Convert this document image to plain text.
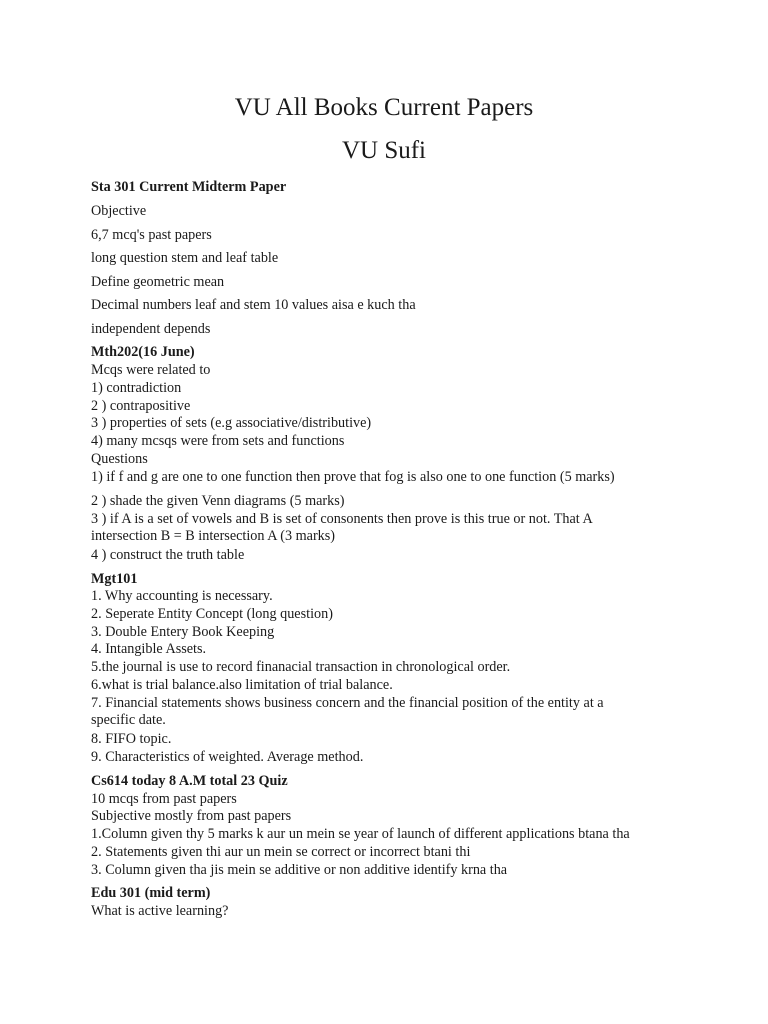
VU All Books Current Papers
VU Sufi
Sta 301 Current Midterm Paper
Objective
6,7 mcq's past papers
long question stem and leaf table
Define geometric mean
Decimal numbers leaf and stem 10 values aisa e kuch tha
independent depends
Mth202(16 June)
Mcqs were related to
1) contradiction
2 ) contrapositive
3 ) properties of sets (e.g associative/distributive)
4) many mcsqs were from sets and functions
Questions
1) if f and g are one to one function then prove that fog is also one to one function (5 marks)
2 ) shade the given Venn diagrams (5 marks)
3 ) if A is a set of vowels and B is set of consonents then prove is this true or not. That A
intersection B = B intersection A (3 marks)
4 ) construct the truth table
Mgt101
1. Why accounting is necessary.
2. Seperate Entity Concept (long question)
3. Double Entery Book Keeping
4. Intangible Assets.
5.the journal is use to record finanacial transaction in chronological order.
6.what is trial balance.also limitation of trial balance.
7. Financial statements shows business concern and the financial position of the entity at a
specific date.
8. FIFO topic.
9. Characteristics of weighted. Average method.
Cs614 today 8 A.M total 23 Quiz
10 mcqs from past papers
Subjective mostly from past papers
1.Column given thy 5 marks k aur un mein se year of launch of different applications btana tha
2. Statements given thi aur un mein se correct or incorrect btani thi
3. Column given tha jis mein se additive or non additive identify krna tha
Edu 301 (mid term)
What is active learning?
